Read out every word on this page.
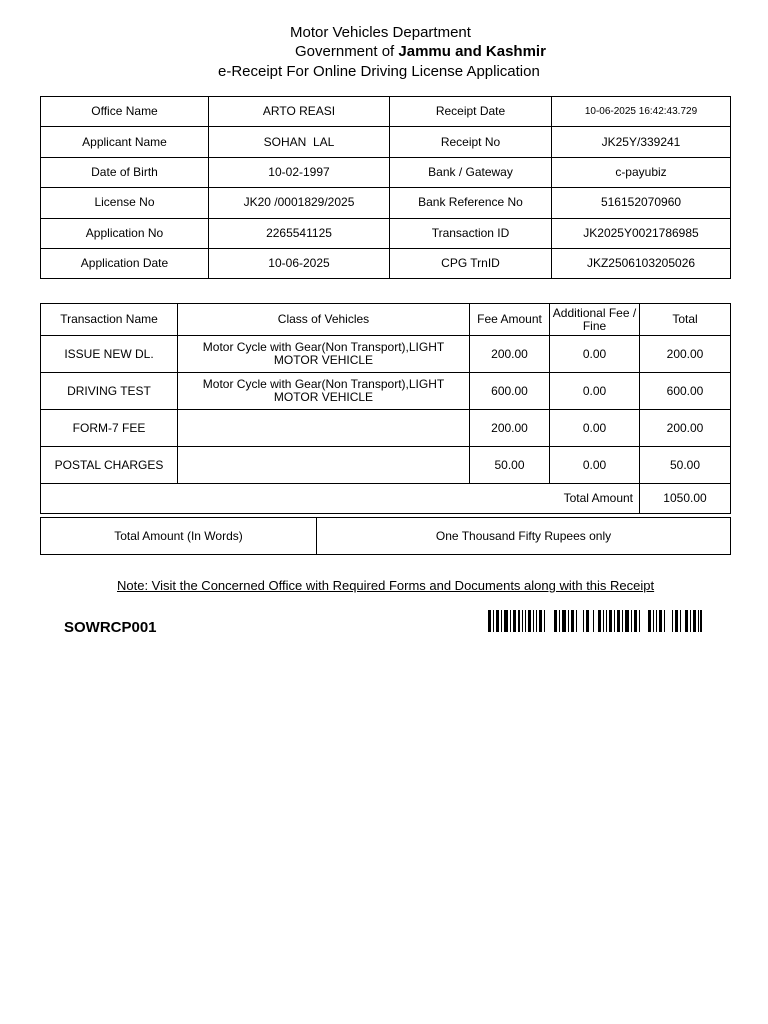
Motor Vehicles Department
Government of Jammu and Kashmir
e-Receipt For Online Driving License Application
Office Name	ARTO REASI	Receipt Date	10-06-2025 16:42:43.729
Applicant Name	SOHAN  LAL	Receipt No	JK25Y/339241
Date of Birth	10-02-1997	Bank / Gateway	c-payubiz
License No	JK20 /0001829/2025	Bank Reference No	516152070960
Application No	2265541125	Transaction ID	JK2025Y0021786985
Application Date	10-06-2025	CPG TrnID	JKZ2506103205026
Transaction Name	Class of Vehicles	Fee Amount	Additional Fee / Fine	Total
ISSUE NEW DL.	Motor Cycle with Gear(Non Transport),LIGHT MOTOR VEHICLE	200.00	0.00	200.00
DRIVING TEST	Motor Cycle with Gear(Non Transport),LIGHT MOTOR VEHICLE	600.00	0.00	600.00
FORM-7 FEE		200.00	0.00	200.00
POSTAL CHARGES		50.00	0.00	50.00
Total Amount				1050.00
Total Amount (In Words)	One Thousand Fifty Rupees only
Note: Visit the Concerned Office with Required Forms and Documents along with this Receipt
SOWRCP001
